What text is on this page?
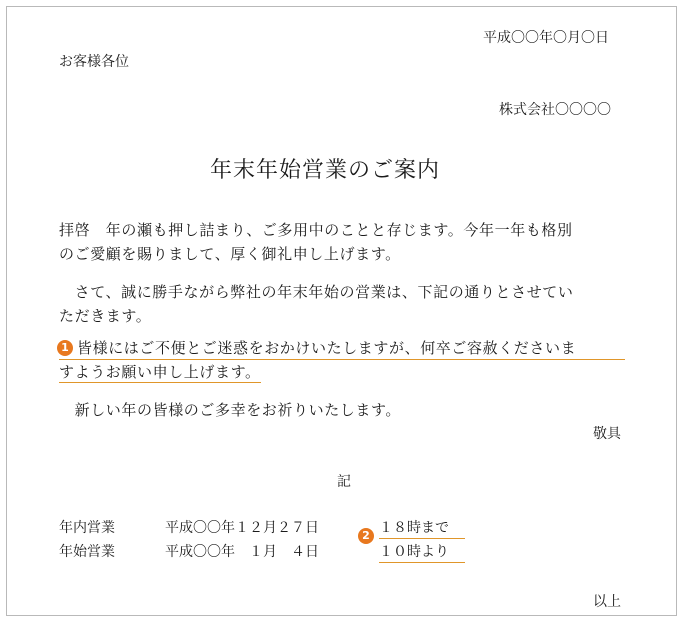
平成〇〇年〇月〇日
お客様各位
株式会社〇〇〇〇
年末年始営業のご案内
拝啓　年の瀬も押し詰まり、ご多用中のことと存じます。今年一年も格別
のご愛顧を賜りまして、厚く御礼申し上げます。
　さて、誠に勝手ながら弊社の年末年始の営業は、下記の通りとさせてい
ただきます。
1 皆様にはご不便とご迷惑をおかけいたしますが、何卒ご容赦くださいま
すようお願い申し上げます。
　新しい年の皆様のご多幸をお祈りいたします。
敬具
記
年内営業	平成〇〇年１２月２７日	１８時まで
2
年始営業	平成〇〇年　１月　４日	１０時より
以上
